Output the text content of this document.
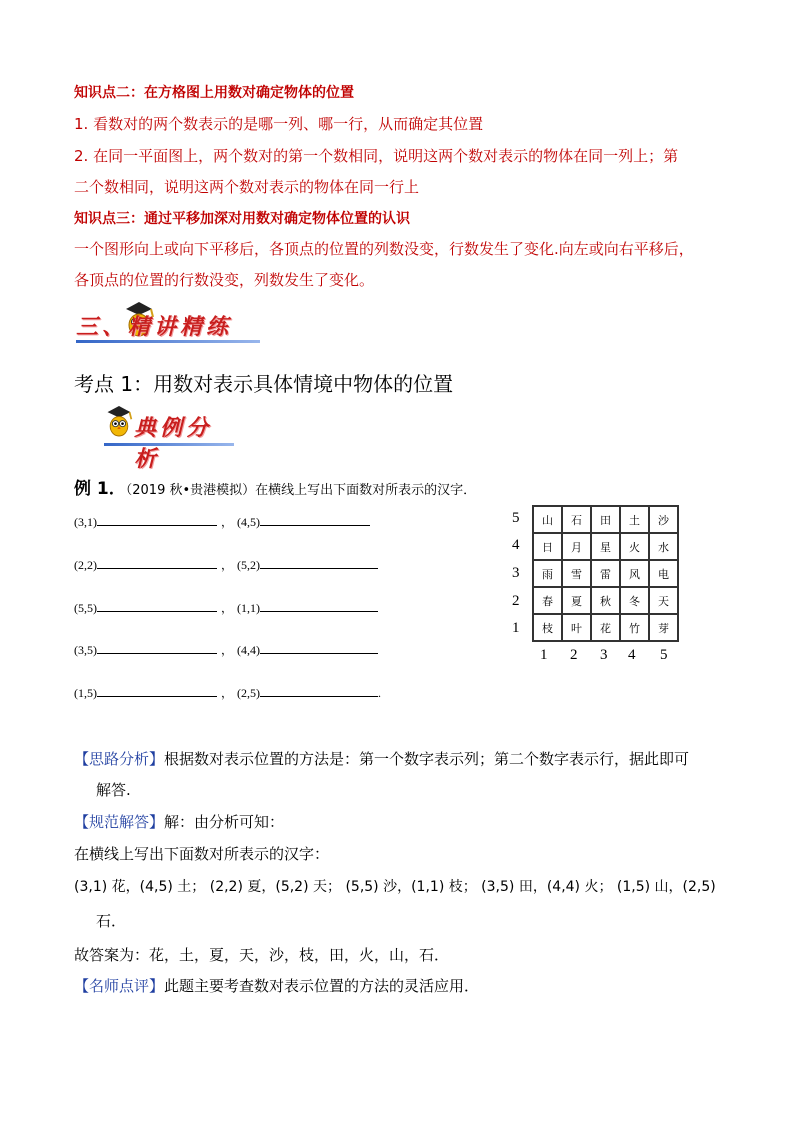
知识点二：在方格图上用数对确定物体的位置
1. 看数对的两个数表示的是哪一列、哪一行，从而确定其位置
2. 在同一平面图上，两个数对的第一个数相同，说明这两个数对表示的物体在同一列上；第
二个数相同，说明这两个数对表示的物体在同一行上
知识点三：通过平移加深对用数对确定物体位置的认识
一个图形向上或向下平移后，各顶点的位置的列数没变，行数发生了变化.向左或向右平移后，
各顶点的位置的行数没变，列数发生了变化。
三、精讲精练
考点 1：用数对表示具体情境中物体的位置
典例分析
例 1．（2019 秋•贵港模拟）在横线上写出下面数对所表示的汉字．
(3,1)	， (4,5)
(2,2)	， (5,2)
(5,5)	， (1,1)
(3,5)	， (4,4)
(1,5)	， (2,5)	.
5
4
3
2
1
山	石	田	土	沙
日	月	星	火	水
雨	雪	雷	风	电
春	夏	秋	冬	天
枝	叶	花	竹	芽
1 2 3 4 5
【思路分析】根据数对表示位置的方法是：第一个数字表示列；第二个数字表示行，据此即可
解答.
【规范解答】解：由分析可知：
在横线上写出下面数对所表示的汉字：
(3,1) 花，(4,5) 土； (2,2) 夏，(5,2) 天； (5,5) 沙，(1,1) 枝； (3,5) 田，(4,4) 火； (1,5) 山，(2,5)
石．
故答案为：花，土，夏，天，沙，枝，田，火，山，石．
【名师点评】此题主要考查数对表示位置的方法的灵活应用．
